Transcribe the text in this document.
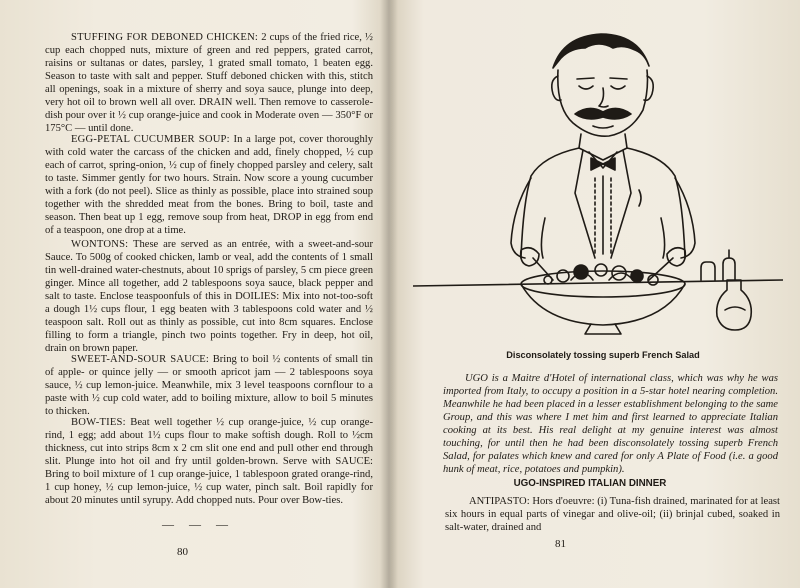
STUFFING FOR DEBONED CHICKEN: 2 cups of the fried rice, ½ cup each chopped nuts, mixture of green and red peppers, grated carrot, raisins or sultanas or dates, parsley, 1 grated small tomato, 1 beaten egg. Season to taste with salt and pepper. Stuff deboned chicken with this, stitch all openings, soak in a mixture of sherry and soya sauce, plunge into deep, very hot oil to brown well all over. DRAIN well. Then remove to casserole-dish pour over it ½ cup orange-juice and cook in Moderate oven — 350°F or 175°C — until done.
EGG-PETAL CUCUMBER SOUP: In a large pot, cover thoroughly with cold water the carcass of the chicken and add, finely chopped, ½ cup each of carrot, spring-onion, ½ cup of finely chopped parsley and celery, salt to taste. Simmer gently for two hours. Strain. Now score a young cucumber with a fork (do not peel). Slice as thinly as possible, place into strained soup together with the shredded meat from the bones. Bring to boil, taste and season. Then beat up 1 egg, remove soup from heat, DROP in egg from end of a teaspoon, one drop at a time.
WONTONS: These are served as an entrée, with a sweet-and-sour Sauce. To 500g of cooked chicken, lamb or veal, add the contents of 1 small tin well-drained water-chestnuts, about 10 sprigs of parsley, 5 cm piece green ginger. Mince all together, add 2 tablespoons soya sauce, black pepper and salt to taste. Enclose teaspoonfuls of this in DOILIES: Mix into not-too-soft a dough 1½ cups flour, 1 egg beaten with 3 tablespoons cold water and ½ teaspoon salt. Roll out as thinly as possible, cut into 8cm squares. Enclose filling to form a triangle, pinch two points together. Fry in deep, hot oil, drain on brown paper.
SWEET-AND-SOUR SAUCE: Bring to boil ½ contents of small tin of apple- or quince jelly — or smooth apricot jam — 2 tablespoons soya sauce, ½ cup lemon-juice. Meanwhile, mix 3 level teaspoons cornflour to a paste with ½ cup cold water, add to boiling mixture, allow to boil 5 minutes to thicken.
BOW-TIES: Beat well together ½ cup orange-juice, ½ cup orange-rind, 1 egg; add about 1½ cups flour to make softish dough. Roll to ½cm thickness, cut into strips 8cm x 2 cm slit one end and pull other end through slit. Plunge into hot oil and fry until golden-brown. Serve with SAUCE: Bring to boil mixture of 1 cup orange-juice, 1 tablespoon grated orange-rind, 1 cup honey, ½ cup lemon-juice, ½ cup water, pinch salt. Boil rapidly for about 20 minutes until syrupy. Add chopped nuts. Pour over Bow-ties.
— — —
80
Disconsolately tossing superb French Salad
UGO is a Maitre d'Hotel of international class, which was why he was imported from Italy, to occupy a position in a 5-star hotel nearing completion. Meanwhile he had been placed in a lesser establishment belonging to the same Group, and this was where I met him and first learned to appreciate Italian cooking at its best. His real delight at my genuine interest was almost touching, for until then he had been disconsolately tossing superb French Salad, for palates which knew and cared for only A Plate of Food (i.e. a good hunk of meat, rice, potatoes and pumpkin).
UGO-INSPIRED ITALIAN DINNER
ANTIPASTO: Hors d'oeuvre: (i) Tuna-fish drained, marinated for at least six hours in equal parts of vinegar and olive-oil; (ii) brinjal cubed, soaked in salt-water, drained and
81
